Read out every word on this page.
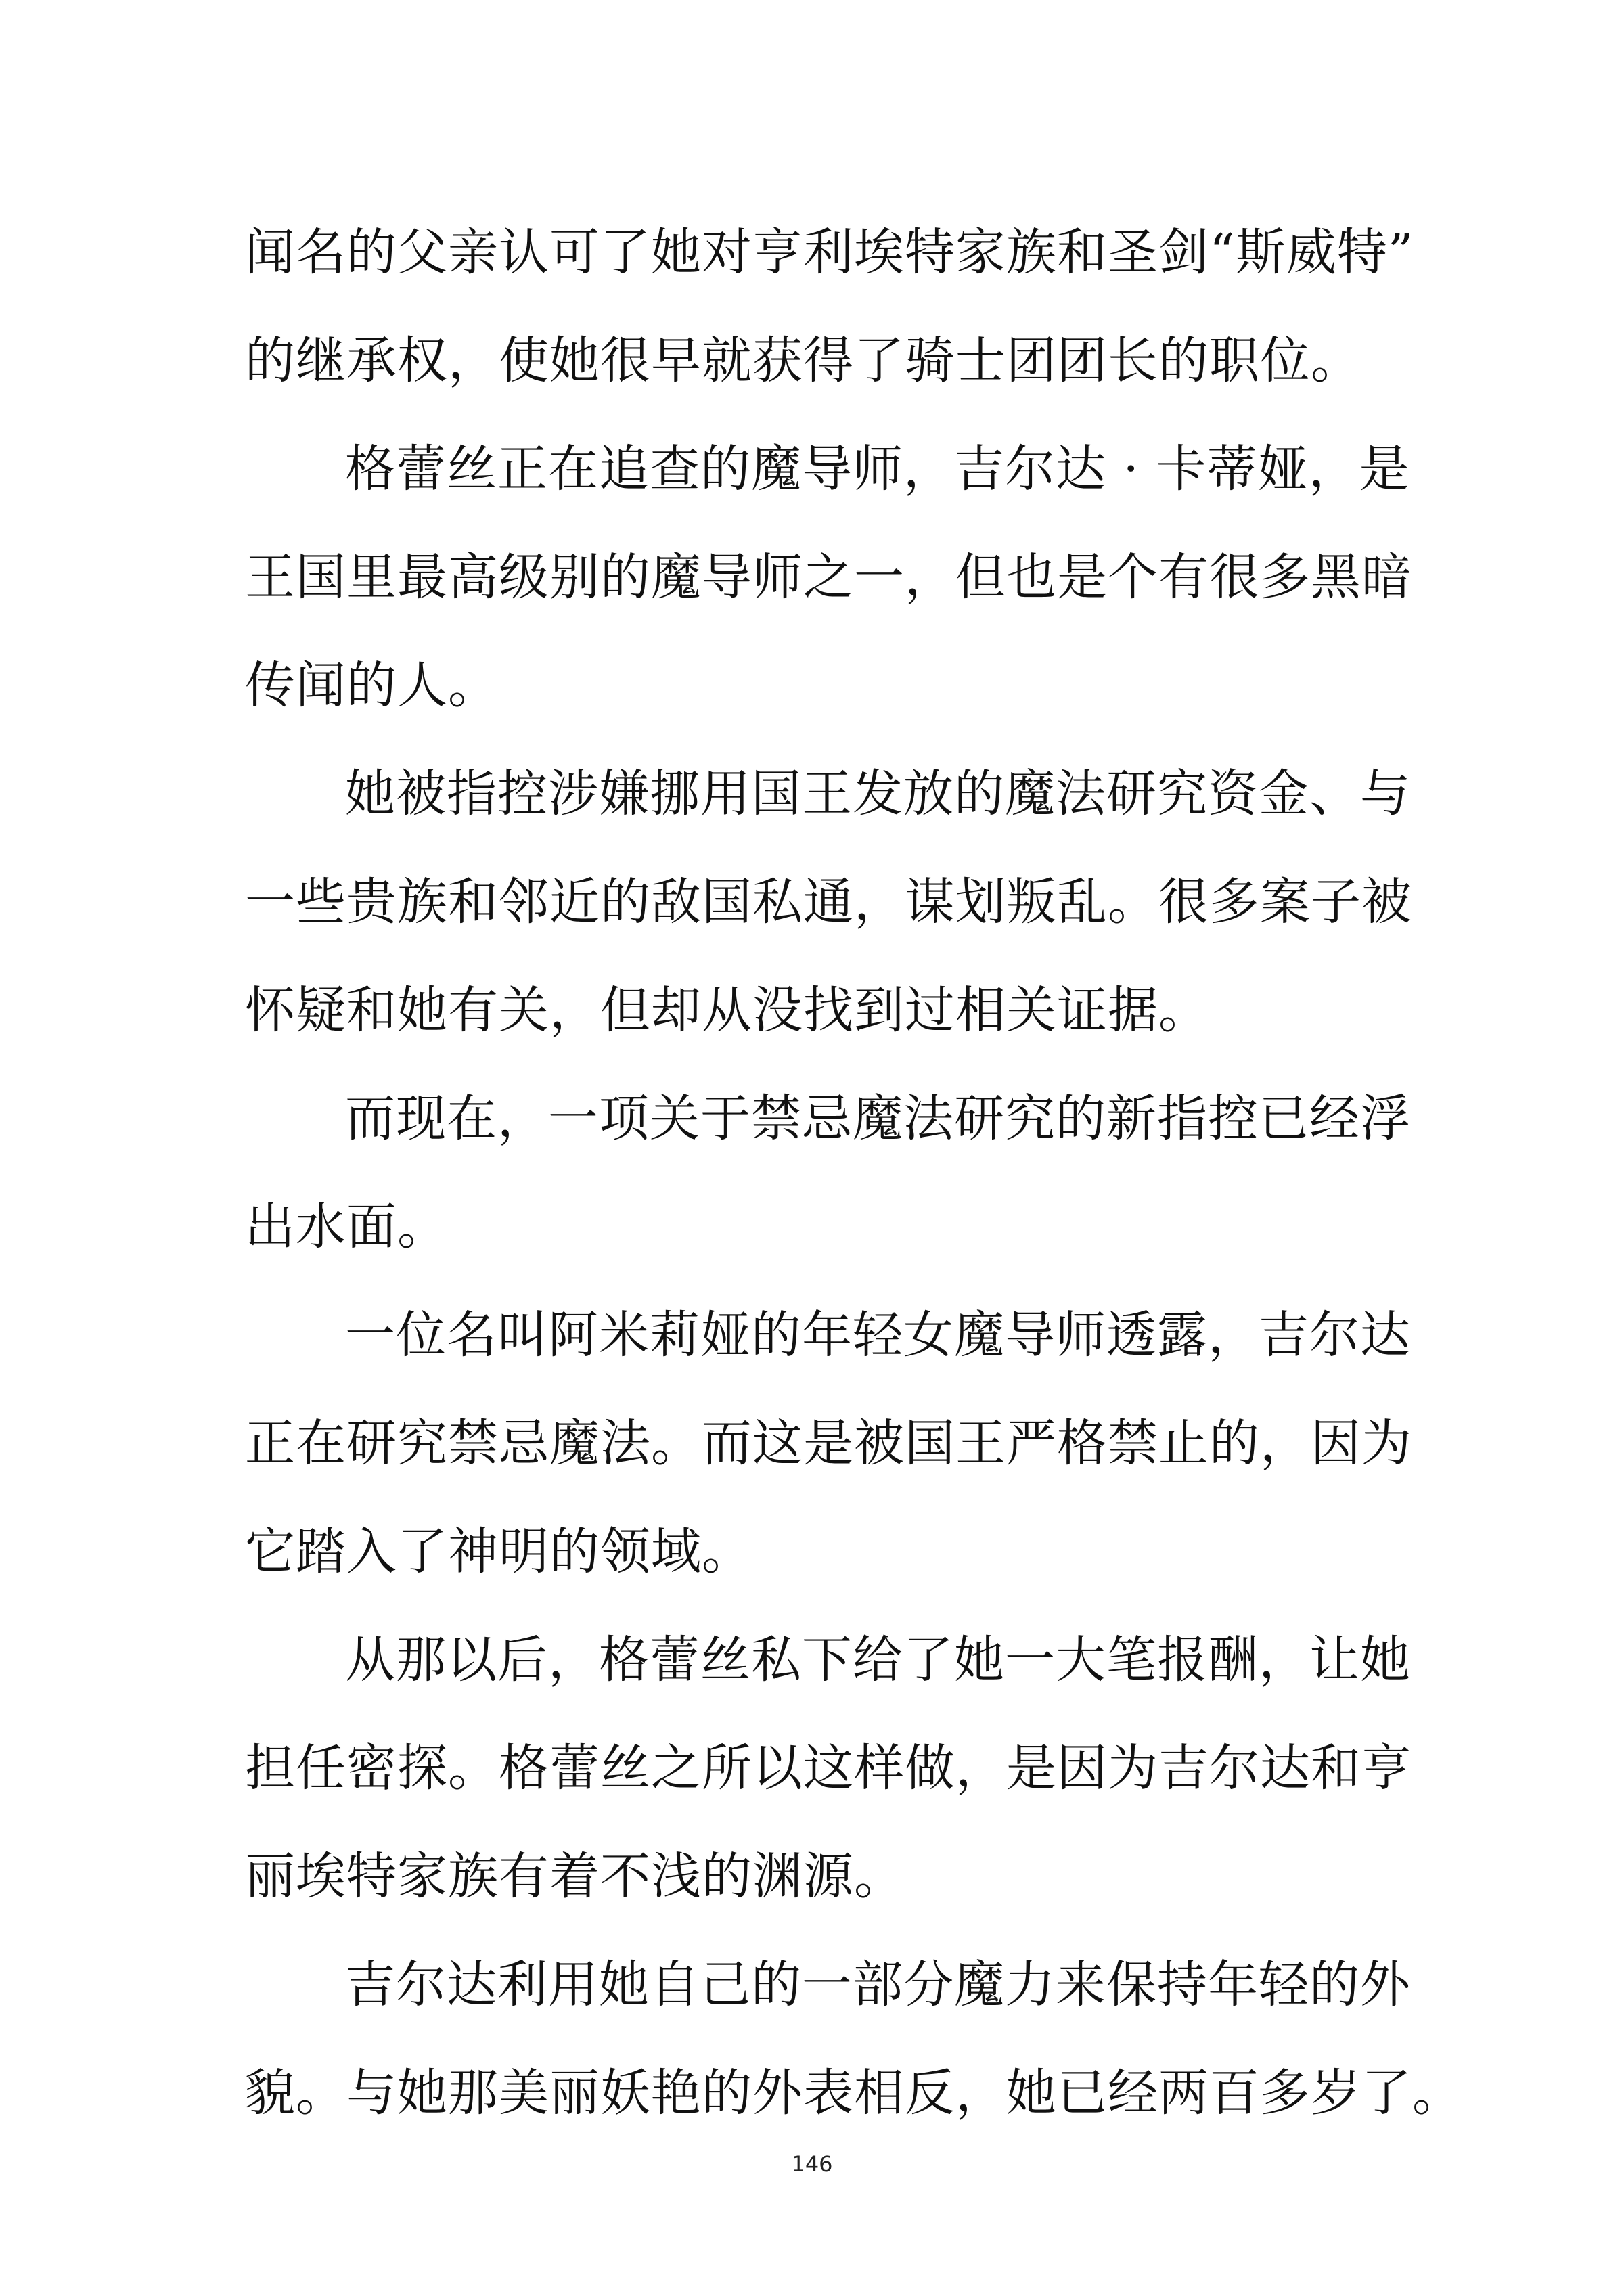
闻名的父亲认可了她对亨利埃特家族和圣剑“斯威特”
的继承权，使她很早就获得了骑士团团长的职位。
格蕾丝正在追查的魔导师，吉尔达 · 卡蒂娅，是
王国里最高级别的魔导师之一，但也是个有很多黑暗
传闻的人。
她被指控涉嫌挪用国王发放的魔法研究资金、与
一些贵族和邻近的敌国私通，谋划叛乱。很多案子被
怀疑和她有关，但却从没找到过相关证据。
而现在，一项关于禁忌魔法研究的新指控已经浮
出水面。
一位名叫阿米莉娅的年轻女魔导师透露，吉尔达
正在研究禁忌魔法。而这是被国王严格禁止的，因为
它踏入了神明的领域。
从那以后，格蕾丝私下给了她一大笔报酬，让她
担任密探。格蕾丝之所以这样做，是因为吉尔达和亨
丽埃特家族有着不浅的渊源。
吉尔达利用她自己的一部分魔力来保持年轻的外
貌。与她那美丽妖艳的外表相反，她已经两百多岁了。
146
